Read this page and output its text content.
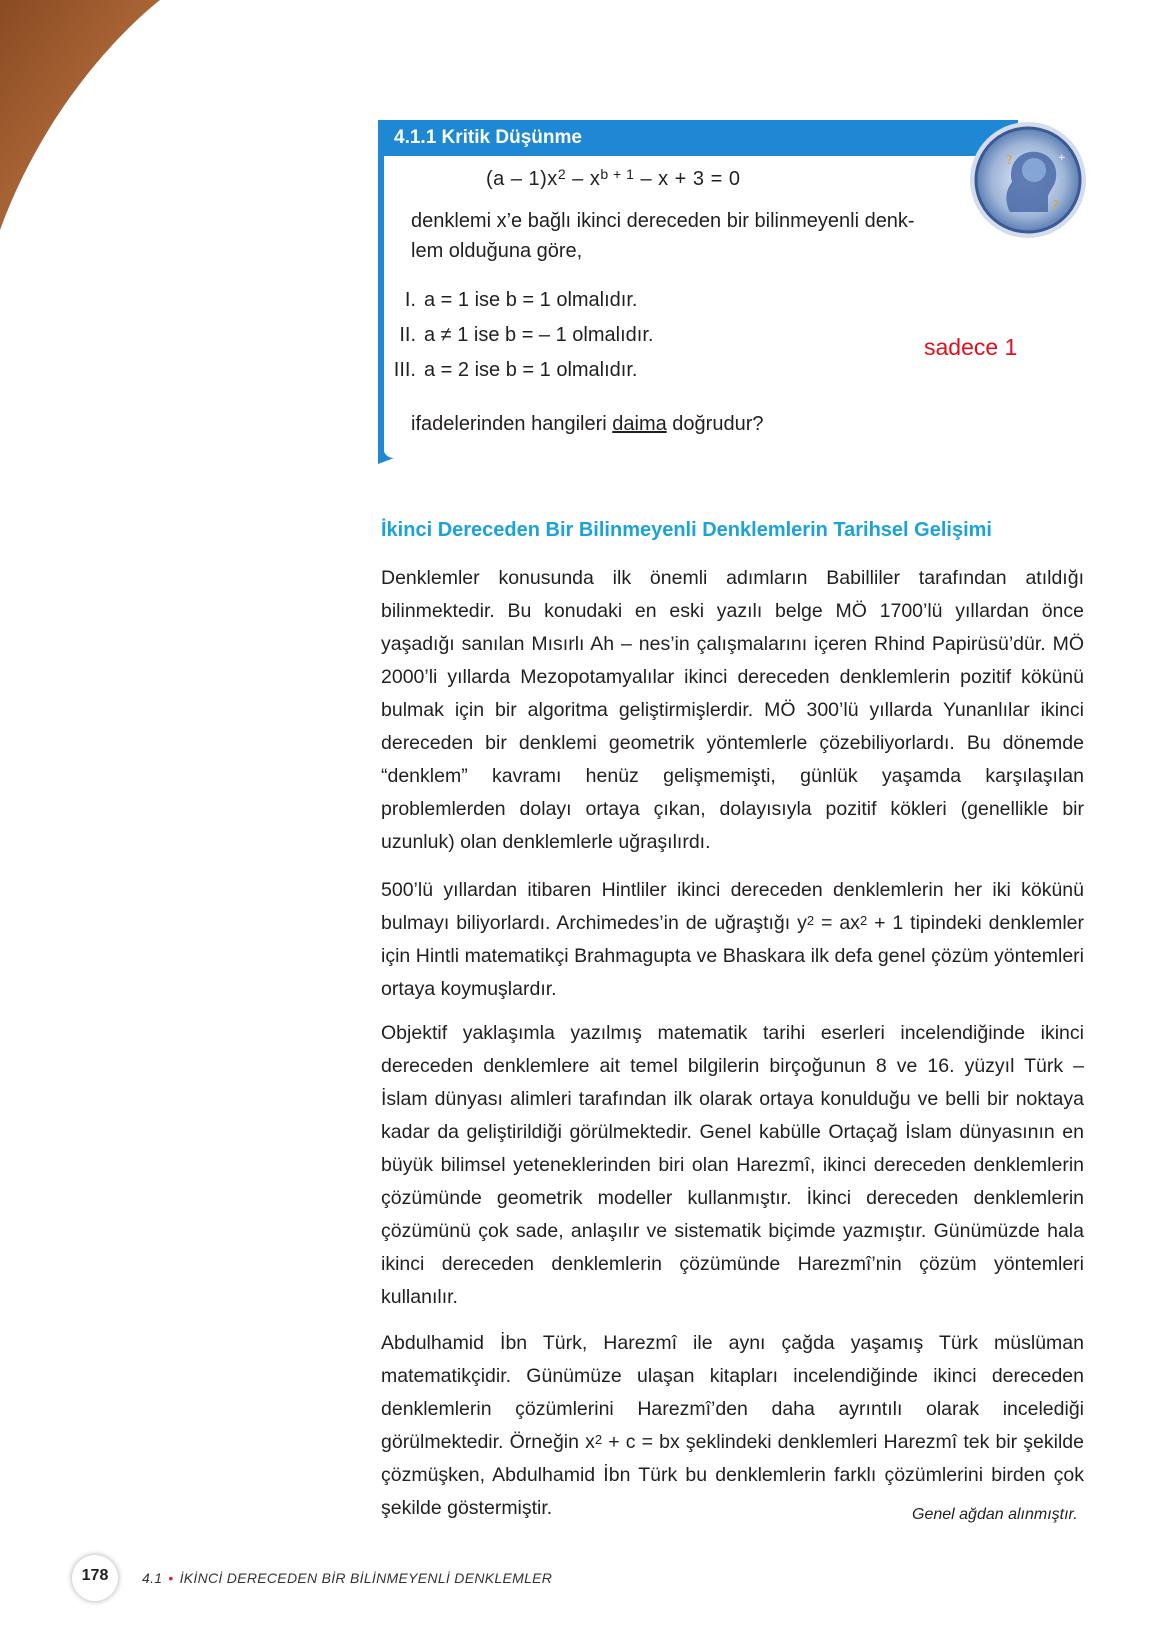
4.1.1 Kritik Düşünme
?
?
+
$(a - 1)x^2 - x^{b + 1} - x + 3 = 0$
denklemi x’e bağlı ikinci dereceden bir bilinmeyenli denk-
lem olduğuna göre,
I. a = 1 ise b = 1 olmalıdır.
II. a ≠ 1 ise b = – 1 olmalıdır.
III. a = 2 ise b = 1 olmalıdır.
sadece 1
ifadelerinden hangileri daima doğrudur?
İkinci Dereceden Bir Bilinmeyenli Denklemlerin Tarihsel Gelişimi

Denklemler konusunda ilk önemli adımların Babilliler tarafından atıldığı bilinmektedir. Bu konudaki en eski yazılı belge MÖ 1700’lü yıllardan önce yaşadığı sanılan Mısırlı Ah – nes’in çalışmalarını içeren Rhind Papirüsü’dür. MÖ 2000’li yıllarda Mezopotamyalılar ikinci dereceden denklemlerin pozitif kökünü bulmak için bir algoritma geliştirmişlerdir. MÖ 300’lü yıllarda Yunanlılar ikinci dereceden bir denklemi geometrik yöntemlerle çözebiliyorlardı. Bu dönemde “denklem” kavramı henüz gelişmemişti, günlük yaşamda karşılaşılan problemlerden dolayı ortaya çıkan, dolayısıyla pozitif kökleri (genellikle bir uzunluk) olan denklemlerle uğraşılırdı.

500’lü yıllardan itibaren Hintliler ikinci dereceden denklemlerin her iki kökünü bulmayı biliyorlardı. Archimedes’in de uğraştığı $y^2 = ax^2 + 1$ tipindeki denklemler için Hintli matematikçi Brahmagupta ve Bhaskara ilk defa genel çözüm yöntemleri ortaya koymuşlardır.

Objektif yaklaşımla yazılmış matematik tarihi eserleri incelendiğinde ikinci dereceden denklemlere ait temel bilgilerin birçoğunun 8 ve 16. yüzyıl Türk – İslam dünyası alimleri tarafından ilk olarak ortaya konulduğu ve belli bir noktaya kadar da geliştirildiği görülmektedir. Genel kabülle Ortaçağ İslam dünyasının en büyük bilimsel yeteneklerinden biri olan Harezmî, ikinci dereceden denklemlerin çözümünde geometrik modeller kullanmıştır. İkinci dereceden denklemlerin çözümünü çok sade, anlaşılır ve sistematik biçimde yazmıştır. Günümüzde hala ikinci dereceden denklemlerin çözümünde Harezmî’nin çözüm yöntemleri kullanılır.

Abdulhamid İbn Türk, Harezmî ile aynı çağda yaşamış Türk müslüman matematikçidir. Günümüze ulaşan kitapları incelendiğinde ikinci dereceden denklemlerin çözümlerini Harezmî’den daha ayrıntılı olarak incelediği görülmektedir. Örneğin $x^2 + c$ = bx şeklindeki denklemleri Harezmî tek bir şekilde çözmüşken, Abdulhamid İbn Türk bu denklemlerin farklı çözümlerini birden çok şekilde göstermiştir.	Genel ağdan alınmıştır.
178	4.1 • İKİNCİ DERECEDEN BİR BİLİNMEYENLİ DENKLEMLER
